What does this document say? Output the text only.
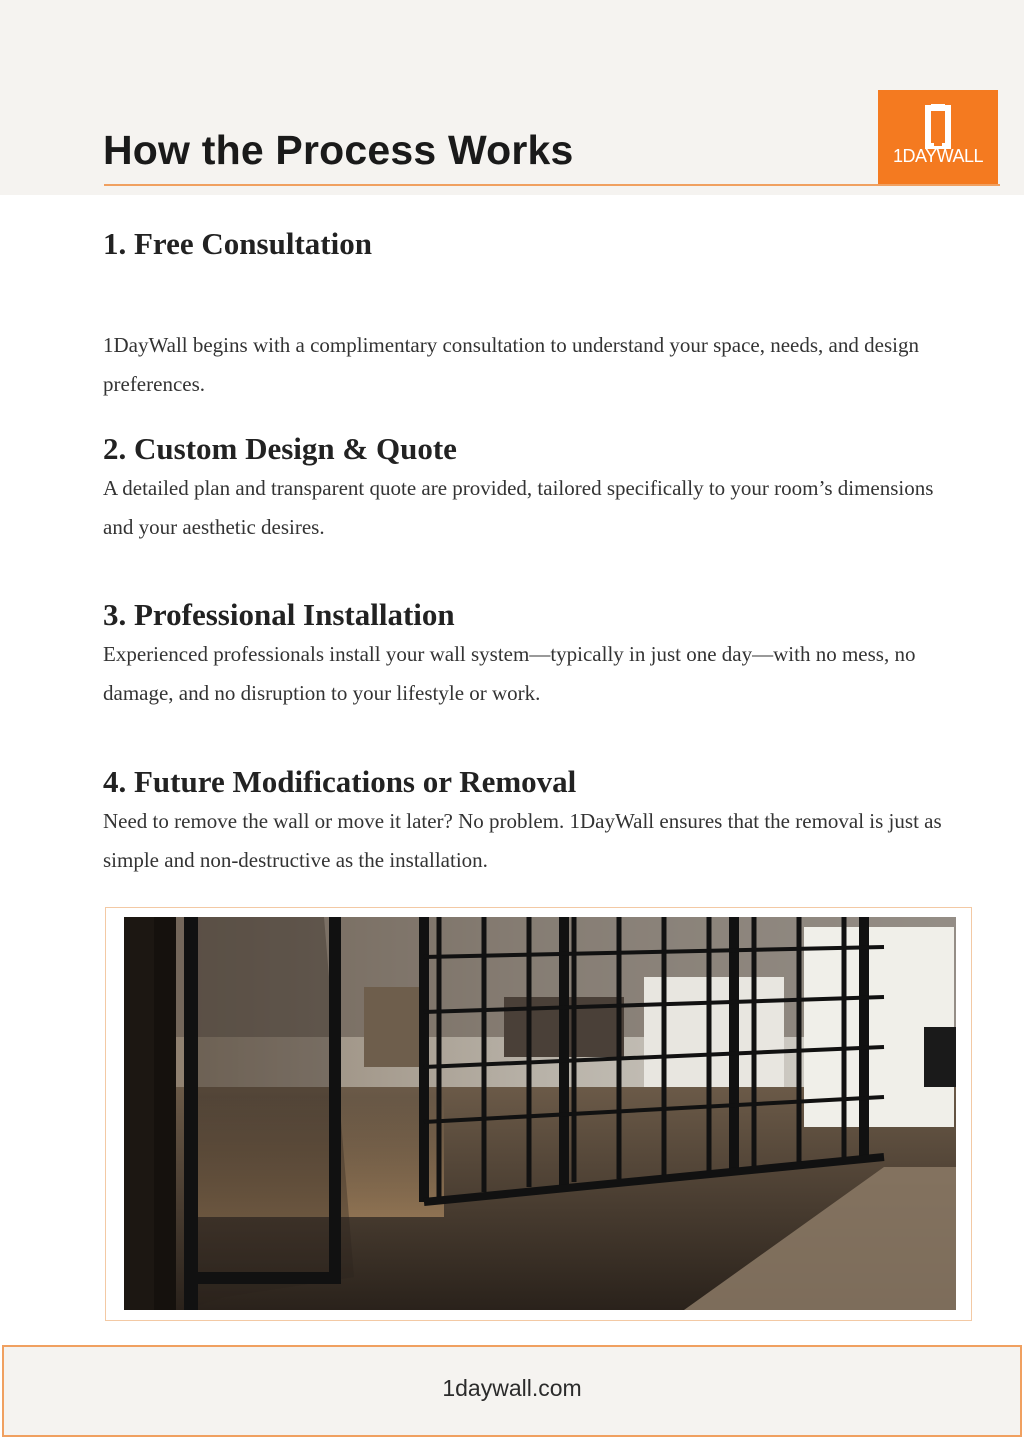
How the Process Works	1DAYWALL
1. Free Consultation

1DayWall begins with a complimentary consultation to understand your space, needs, and design preferences.

2. Custom Design & Quote

A detailed plan and transparent quote are provided, tailored specifically to your room’s dimensions and your aesthetic desires.

3. Professional Installation

Experienced professionals install your wall system—typically in just one day—with no mess, no damage, and no disruption to your lifestyle or work.

4. Future Modifications or Removal

Need to remove the wall or move it later? No problem. 1DayWall ensures that the removal is just as simple and non-destructive as the installation.

1daywall.com
